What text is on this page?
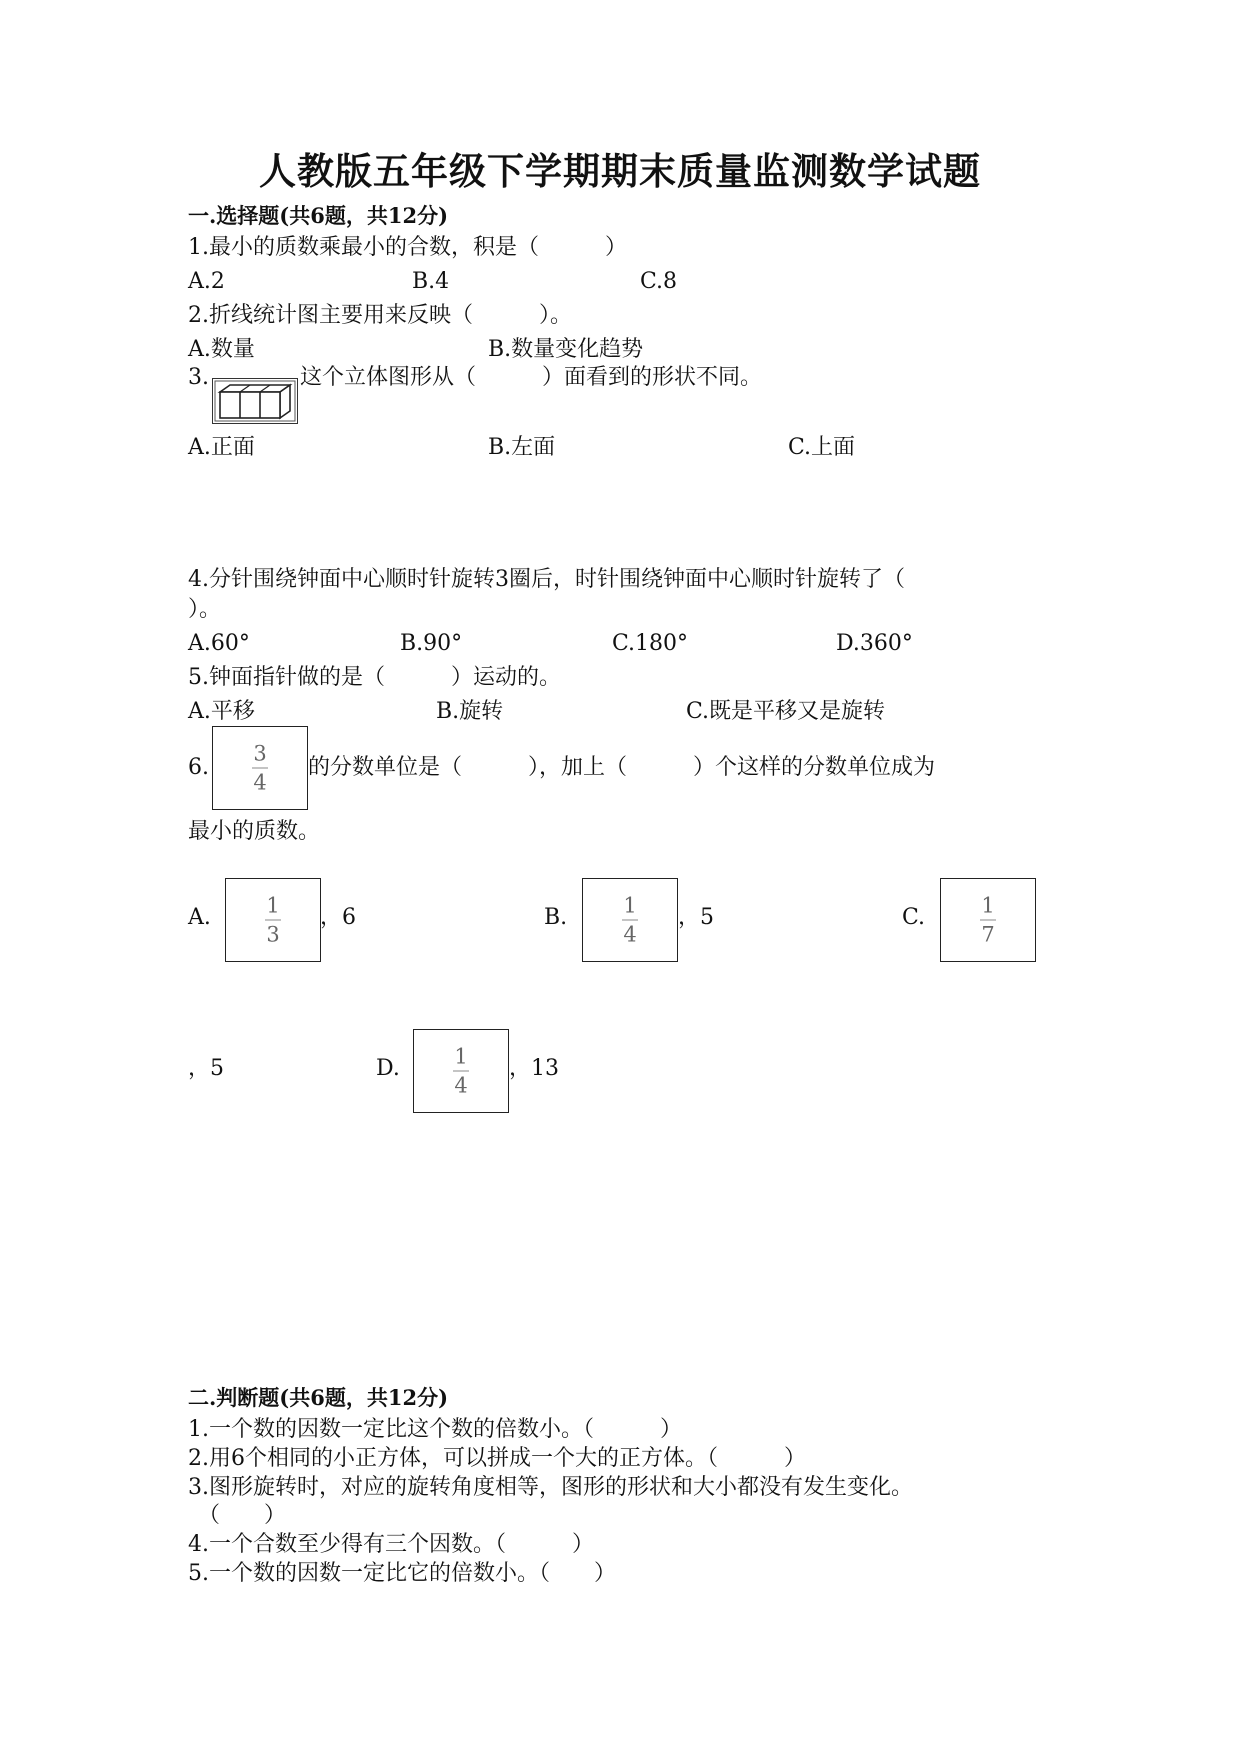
人教版五年级下学期期末质量监测数学试题
一.选择题(共6题，共12分)
1.最小的质数乘最小的合数，积是（　　　）
A.2	B.4	C.8
2.折线统计图主要用来反映（　　　）。
A.数量	B.数量变化趋势
3.	这个立体图形从（　　　）面看到的形状不同。
A.正面	B.左面	C.上面
4.分针围绕钟面中心顺时针旋转3圈后，时针围绕钟面中心顺时针旋转了（
）。
A.60°	B.90°	C.180°	D.360°
5.钟面指针做的是（　　　）运动的。
A.平移	B.旋转	C.既是平移又是旋转
6.
3
4
的分数单位是（　　　），加上（　　　）个这样的分数单位成为
最小的质数。
A.	1
3
，6	B.	1
4
，5	C.	1
7
，5	D.	1
4
，13
二.判断题(共6题，共12分)
1.一个数的因数一定比这个数的倍数小。（　　　）
2.用6个相同的小正方体，可以拼成一个大的正方体。（　　　）
3.图形旋转时，对应的旋转角度相等，图形的形状和大小都没有发生变化。
（　　）
4.一个合数至少得有三个因数。（　　　）
5.一个数的因数一定比它的倍数小。（　　）
